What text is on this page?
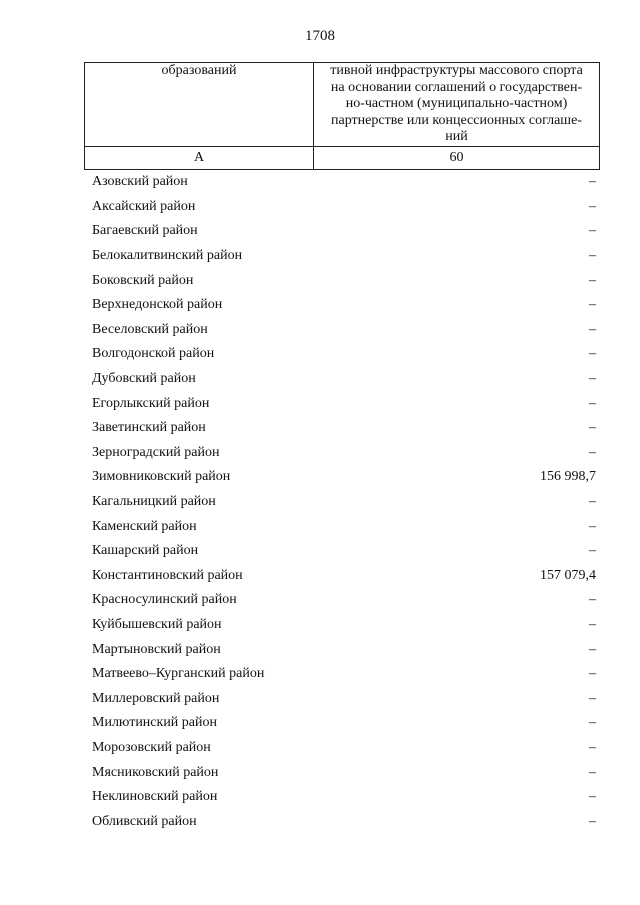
1708
образований	тивной инфраструктуры массового спорта
на основании соглашений о государствен-
но-частном (муниципально-частном)
партнерстве или концессионных соглаше-
ний

А	60
Азовский район	–
Аксайский район	–
Багаевский район	–
Белокалитвинский район	–
Боковский район	–
Верхнедонской район	–
Веселовский район	–
Волгодонской район	–
Дубовский район	–
Егорлыкский район	–
Заветинский район	–
Зерноградский район	–
Зимовниковский район	156 998,7
Кагальницкий район	–
Каменский район	–
Кашарский район	–
Константиновский район	157 079,4
Красносулинский район	–
Куйбышевский район	–
Мартыновский район	–
Матвеево–Курганский район	–
Миллеровский район	–
Милютинский район	–
Морозовский район	–
Мясниковский район	–
Неклиновский район	–
Обливский район	–
